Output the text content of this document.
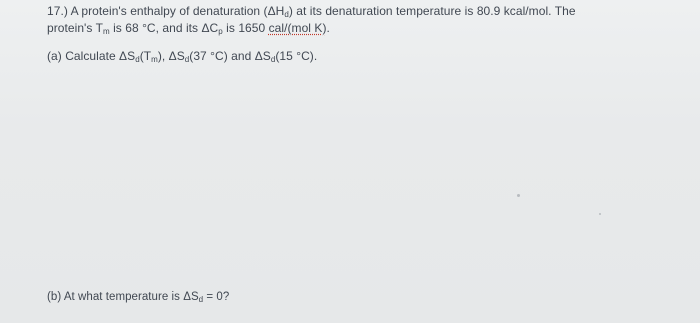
17.) A protein's enthalpy of denaturation $(\Delta H_d)$ at its denaturation temperature is 80.9 kcal/mol. The
protein's $T_m$ is 68 °C, and its $\Delta C_p$ is 1650 cal/(mol K).
(a) Calculate $\Delta S_d(T_m)$, $\Delta S_d(37$ °C) and $\Delta S_d(15$ °C).
(b) At what temperature is $\Delta S_d = 0$?
